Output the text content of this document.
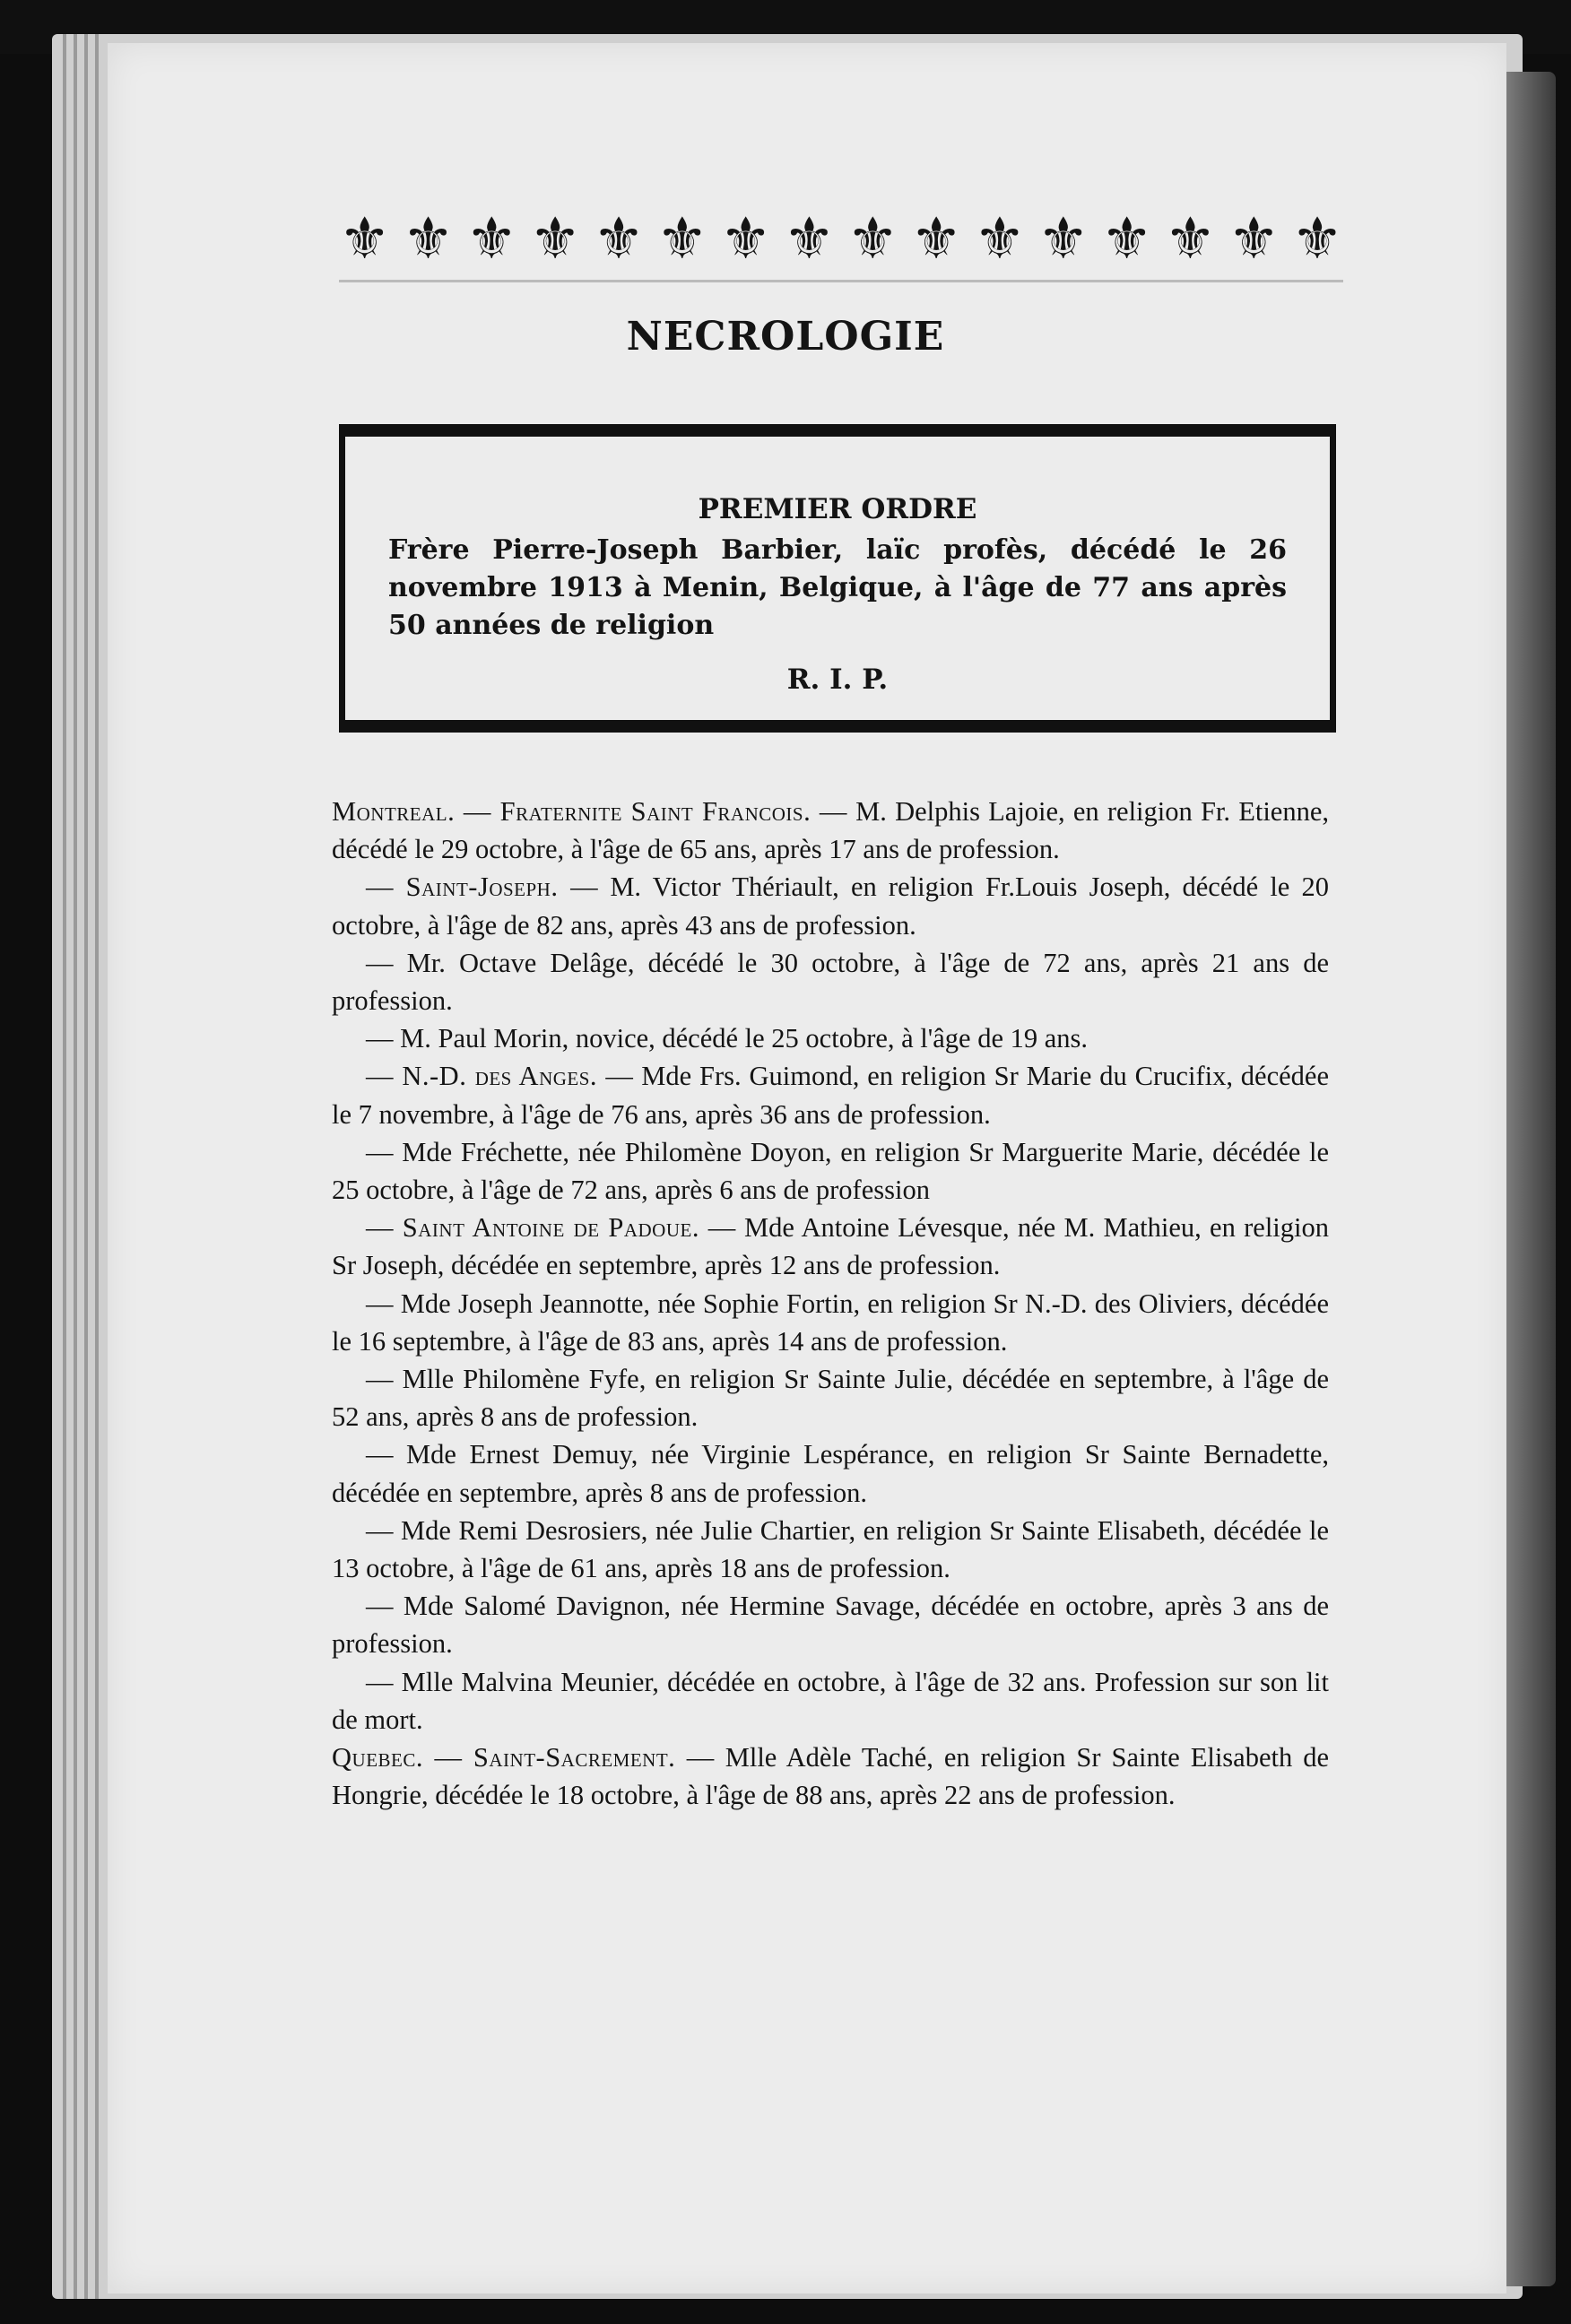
⚜ ⚜ ⚜ ⚜ ⚜ ⚜ ⚜ ⚜ ⚜ ⚜ ⚜ ⚜ ⚜ ⚜ ⚜ ⚜
NECROLOGIE
PREMIER ORDRE
Frère Pierre-Joseph Barbier, laïc profès, décédé le 26 novembre 1913 à Menin, Belgique, à l'âge de 77 ans après 50 années de religion
R. I. P.

Montreal. — Fraternite Saint Francois. — M. Delphis Lajoie, en religion Fr. Etienne, décédé le 29 octobre, à l'âge de 65 ans, après 17 ans de profession.

— Saint-Joseph. — M. Victor Thériault, en religion Fr.Louis Joseph, décédé le 20 octobre, à l'âge de 82 ans, après 43 ans de profession.

— Mr. Octave Delâge, décédé le 30 octobre, à l'âge de 72 ans, après 21 ans de profession.

— M. Paul Morin, novice, décédé le 25 octobre, à l'âge de 19 ans.

— N.-D. des Anges. — Mde Frs. Guimond, en religion Sr Marie du Crucifix, décédée le 7 novembre, à l'âge de 76 ans, après 36 ans de profession.

— Mde Fréchette, née Philomène Doyon, en religion Sr Marguerite Marie, décédée le 25 octobre, à l'âge de 72 ans, après 6 ans de profession

— Saint Antoine de Padoue. — Mde Antoine Lévesque, née M. Mathieu, en religion Sr Joseph, décédée en septembre, après 12 ans de profession.

— Mde Joseph Jeannotte, née Sophie Fortin, en religion Sr N.-D. des Oliviers, décédée le 16 septembre, à l'âge de 83 ans, après 14 ans de profession.

— Mlle Philomène Fyfe, en religion Sr Sainte Julie, décédée en septembre, à l'âge de 52 ans, après 8 ans de profession.

— Mde Ernest Demuy, née Virginie Lespérance, en religion Sr Sainte Bernadette, décédée en septembre, après 8 ans de profession.

— Mde Remi Desrosiers, née Julie Chartier, en religion Sr Sainte Elisabeth, décédée le 13 octobre, à l'âge de 61 ans, après 18 ans de profession.

— Mde Salomé Davignon, née Hermine Savage, décédée en octobre, après 3 ans de profession.

— Mlle Malvina Meunier, décédée en octobre, à l'âge de 32 ans. Profession sur son lit de mort.

Quebec. — Saint-Sacrement. — Mlle Adèle Taché, en religion Sr Sainte Elisabeth de Hongrie, décédée le 18 octobre, à l'âge de 88 ans, après 22 ans de profession.
